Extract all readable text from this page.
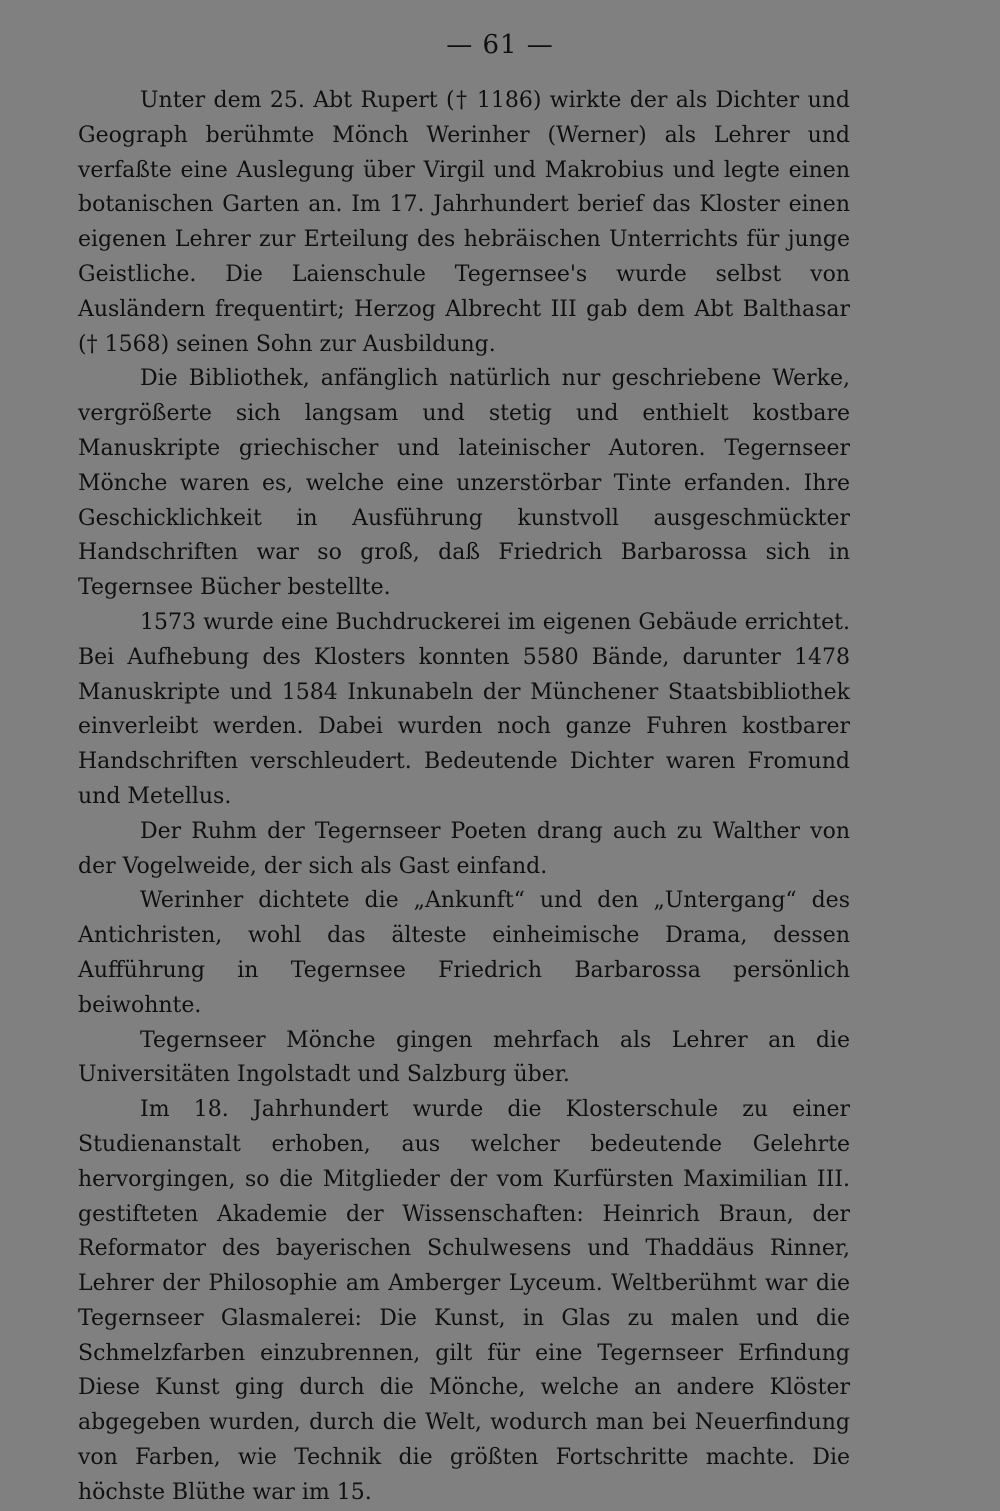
— 61 —

Unter dem 25. Abt Rupert († 1186) wirkte der als Dichter und Geograph berühmte Mönch Werinher (Werner) als Lehrer und verfaßte eine Auslegung über Virgil und Makrobius und legte einen botanischen Garten an. Im 17. Jahrhundert berief das Kloster einen eigenen Lehrer zur Erteilung des hebräischen Unterrichts für junge Geistliche. Die Laienschule Tegernsee's wurde selbst von Ausländern frequentirt; Herzog Albrecht III gab dem Abt Balthasar († 1568) seinen Sohn zur Ausbildung.

Die Bibliothek, anfänglich natürlich nur geschriebene Werke, vergrößerte sich langsam und stetig und enthielt kostbare Manuskripte griechischer und lateinischer Autoren. Tegernseer Mönche waren es, welche eine unzerstörbar Tinte erfanden. Ihre Geschicklichkeit in Ausführung kunstvoll ausgeschmückter Handschriften war so groß, daß Friedrich Barbarossa sich in Tegernsee Bücher bestellte.

1573 wurde eine Buchdruckerei im eigenen Gebäude errichtet. Bei Aufhebung des Klosters konnten 5580 Bände, darunter 1478 Manuskripte und 1584 Inkunabeln der Münchener Staatsbibliothek einverleibt werden. Dabei wurden noch ganze Fuhren kostbarer Handschriften verschleudert. Bedeutende Dichter waren Fromund und Metellus.

Der Ruhm der Tegernseer Poeten drang auch zu Walther von der Vogelweide, der sich als Gast einfand.

Werinher dichtete die „Ankunft“ und den „Untergang“ des Antichristen, wohl das älteste einheimische Drama, dessen Aufführung in Tegernsee Friedrich Barbarossa persönlich beiwohnte.

Tegernseer Mönche gingen mehrfach als Lehrer an die Universitäten Ingolstadt und Salzburg über.

Im 18. Jahrhundert wurde die Klosterschule zu einer Studienanstalt erhoben, aus welcher bedeutende Gelehrte hervorgingen, so die Mitglieder der vom Kurfürsten Maximilian III. gestifteten Akademie der Wissenschaften: Heinrich Braun, der Reformator des bayerischen Schulwesens und Thaddäus Rinner, Lehrer der Philosophie am Amberger Lyceum. Weltberühmt war die Tegernseer Glasmalerei: Die Kunst, in Glas zu malen und die Schmelzfarben einzubrennen, gilt für eine Tegernseer Erfindung Diese Kunst ging durch die Mönche, welche an andere Klöster abgegeben wurden, durch die Welt, wodurch man bei Neuerfindung von Farben, wie Technik die größten Fortschritte machte. Die höchste Blüthe war im 15.
